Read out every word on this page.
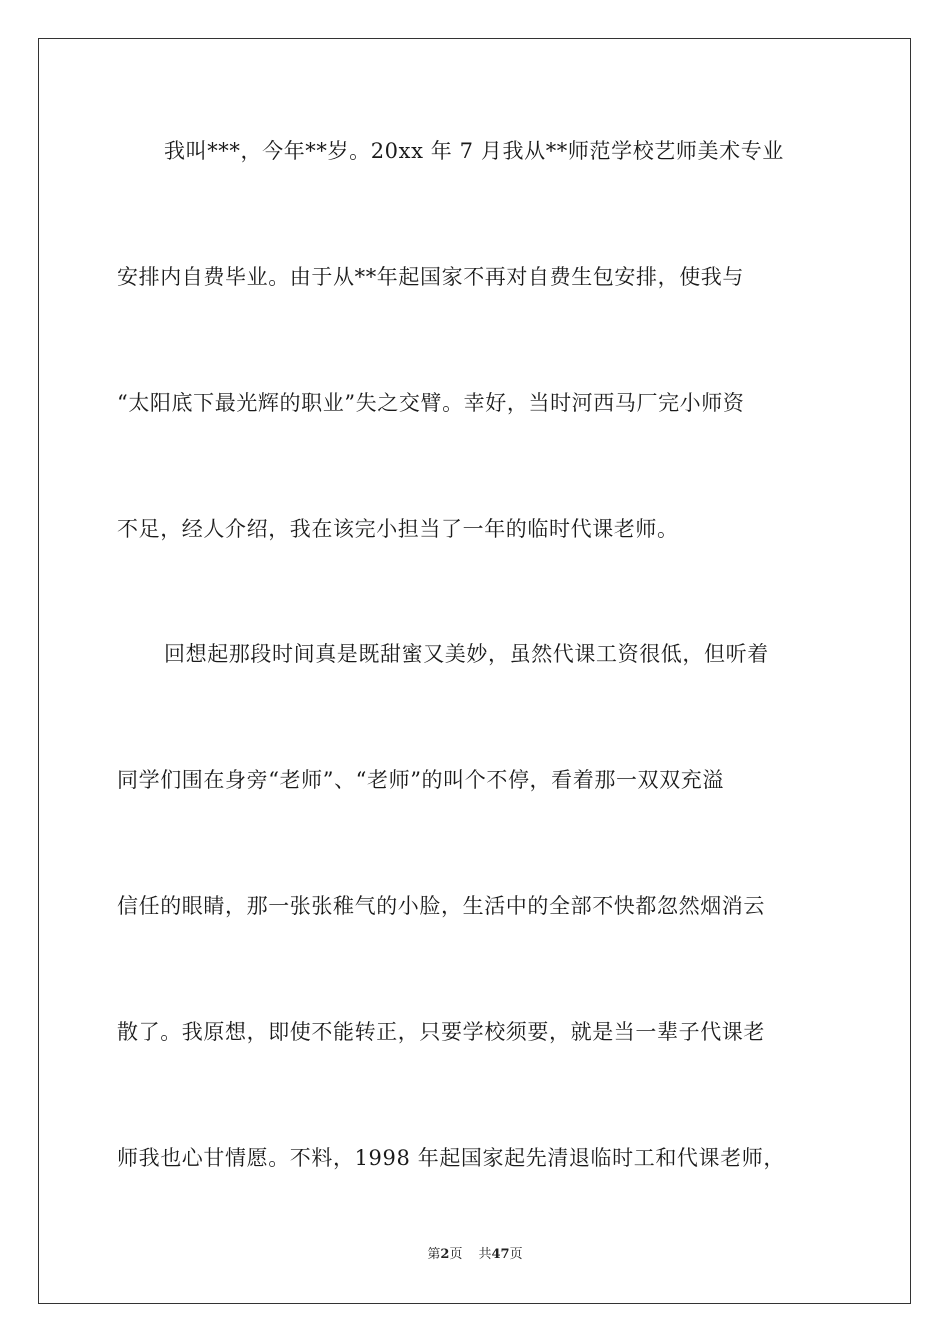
我叫***，今年**岁。20xx 年 7 月我从**师范学校艺师美术专业
安排内自费毕业。由于从**年起国家不再对自费生包安排，使我与
“太阳底下最光辉的职业”失之交臂。幸好，当时河西马厂完小师资
不足，经人介绍，我在该完小担当了一年的临时代课老师。
回想起那段时间真是既甜蜜又美妙，虽然代课工资很低，但听着
同学们围在身旁“老师”、“老师”的叫个不停，看着那一双双充溢
信任的眼睛，那一张张稚气的小脸，生活中的全部不快都忽然烟消云
散了。我原想，即使不能转正，只要学校须要，就是当一辈子代课老
师我也心甘情愿。不料，1998 年起国家起先清退临时工和代课老师，
第2页 共47页
